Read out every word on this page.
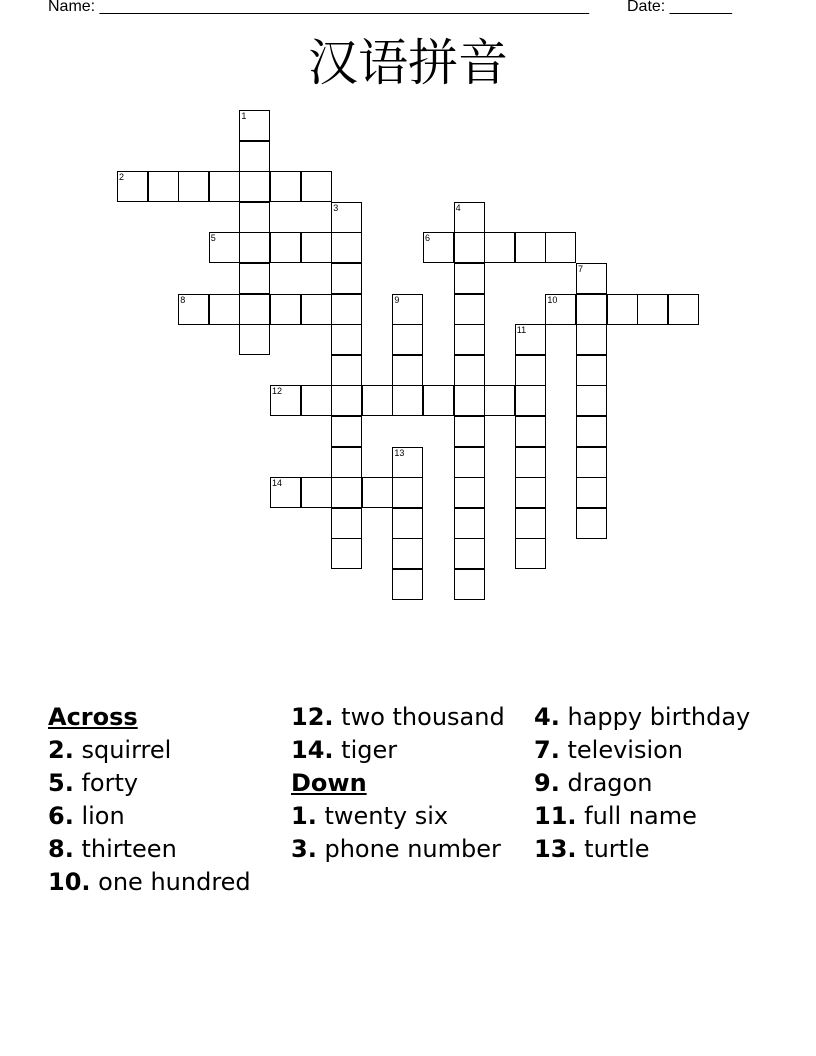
Name: _______________________________________________________ Date: _______
汉语拼音
1
2
3	4
5	6
7
8	9	10
11
12
13
14
Across
2. squirrel
5. forty
6. lion
8. thirteen
10. one hundred
12. two thousand
14. tiger
Down
1. twenty six
3. phone number
4. happy birthday
7. television
9. dragon
11. full name
13. turtle
